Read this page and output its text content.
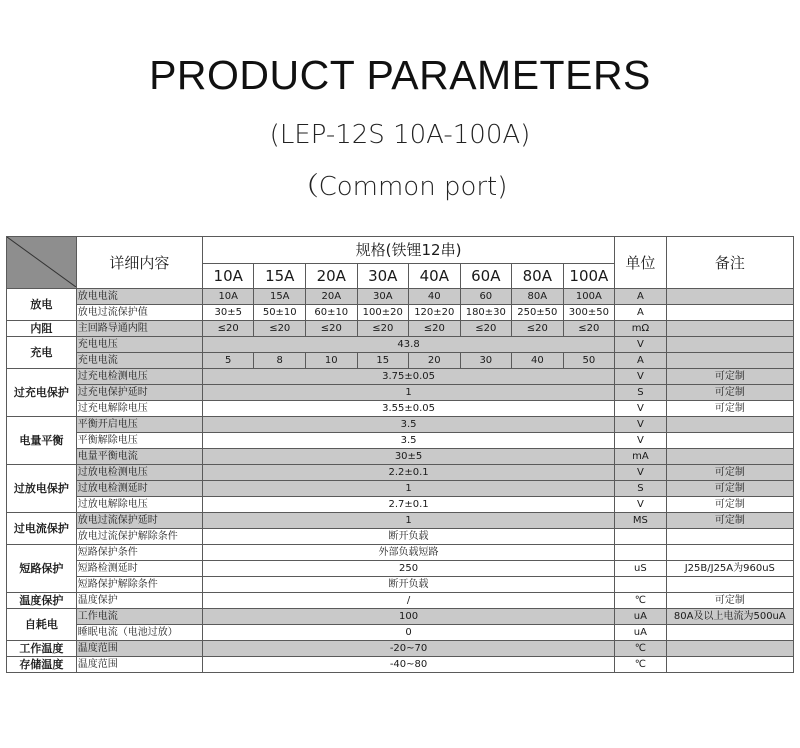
PRODUCT PARAMETERS
(LEP-12S 10A-100A)
（Common port)
	详细内容	规格(铁锂12串)								单位	备注
		10A	15A	20A	30A	40A	60A	80A	100A		
放电	放电电流	10A	15A	20A	30A	40	60	80A	100A	A	
	放电过流保护值	30±5	50±10	60±10	100±20	120±20	180±30	250±50	300±50	A	
内阻	主回路导通内阻	≤20	≤20	≤20	≤20	≤20	≤20	≤20	≤20	mΩ	
充电	充电电压	43.8								V	
	充电电流	5	8	10	15	20	30	40	50	A	
过充电保护	过充电检测电压	3.75±0.05								V	可定制
	过充电保护延时	1								S	可定制
	过充电解除电压	3.55±0.05								V	可定制
电量平衡	平衡开启电压	3.5								V	
	平衡解除电压	3.5								V	
	电量平衡电流	30±5								mA	
过放电保护	过放电检测电压	2.2±0.1								V	可定制
	过放电检测延时	1								S	可定制
	过放电解除电压	2.7±0.1								V	可定制
过电流保护	放电过流保护延时	1								MS	可定制
	放电过流保护解除条件	断开负载									
短路保护	短路保护条件	外部负载短路									
	短路检测延时	250								uS	J25B/J25A为960uS
	短路保护解除条件	断开负载									
温度保护	温度保护	/								℃	可定制
自耗电	工作电流	100								uA	80A及以上电流为500uA
	睡眠电流（电池过放）	0								uA	
工作温度	温度范围	-20~70								℃	
存储温度	温度范围	-40~80								℃	
